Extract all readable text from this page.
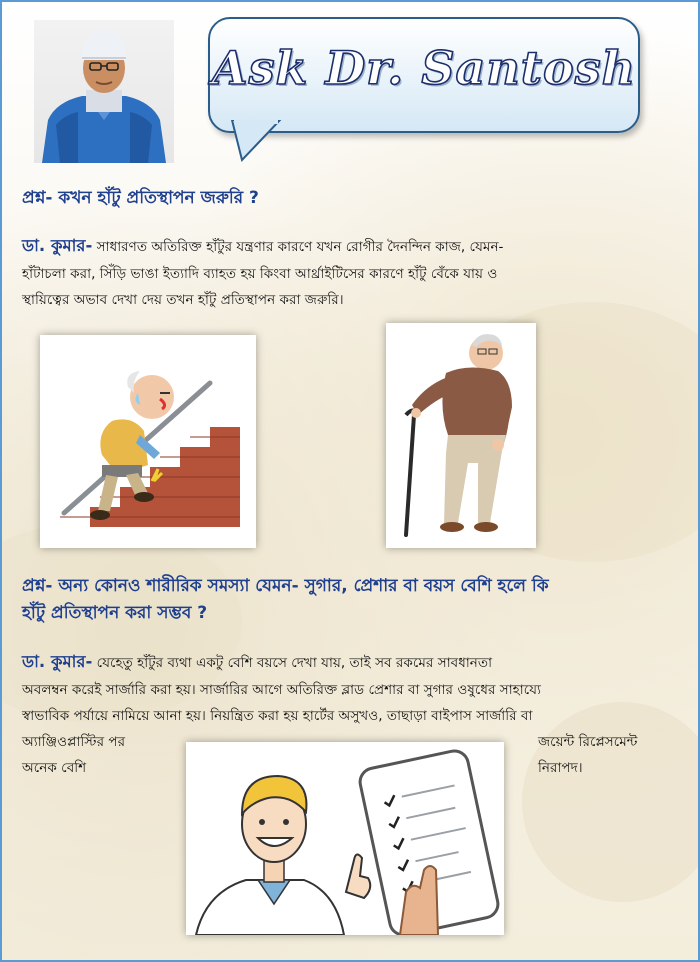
Ask Dr. Santosh
প্রশ্ন- কখন হাঁটু প্রতিস্থাপন জরুরি ?
ডা. কুমার- সাধারণত অতিরিক্ত হাঁটুর যন্ত্রণার কারণে যখন রোগীর দৈনন্দিন কাজ, যেমন-
হাঁটাচলা করা, সিঁড়ি ভাঙা ইত্যাদি ব্যাহত হয় কিংবা আর্থ্রাইটিসের কারণে হাঁটু বেঁকে যায় ও
স্থায়িত্বের অভাব দেখা দেয় তখন হাঁটু প্রতিস্থাপন করা জরুরি।
প্রশ্ন- অন্য কোনও শারীরিক সমস্যা যেমন- সুগার, প্রেশার বা বয়স বেশি হলে কি
হাঁটু প্রতিস্থাপন করা সম্ভব ?
ডা. কুমার- যেহেতু হাঁটুর ব্যথা একটু বেশি বয়সে দেখা যায়, তাই সব রকমের সাবধানতা
অবলম্বন করেই সার্জারি করা হয়। সার্জারির আগে অতিরিক্ত ব্লাড প্রেশার বা সুগার ওষুধের সাহায্যে
স্বাভাবিক পর্যায়ে নামিয়ে আনা হয়। নিয়ন্ত্রিত করা হয় হার্টের অসুখও, তাছাড়া বাইপাস সার্জারি বা
অ্যাঞ্জিওপ্লাস্টির পর	জয়েন্ট রিপ্লেসমেন্ট
অনেক বেশি	নিরাপদ।
